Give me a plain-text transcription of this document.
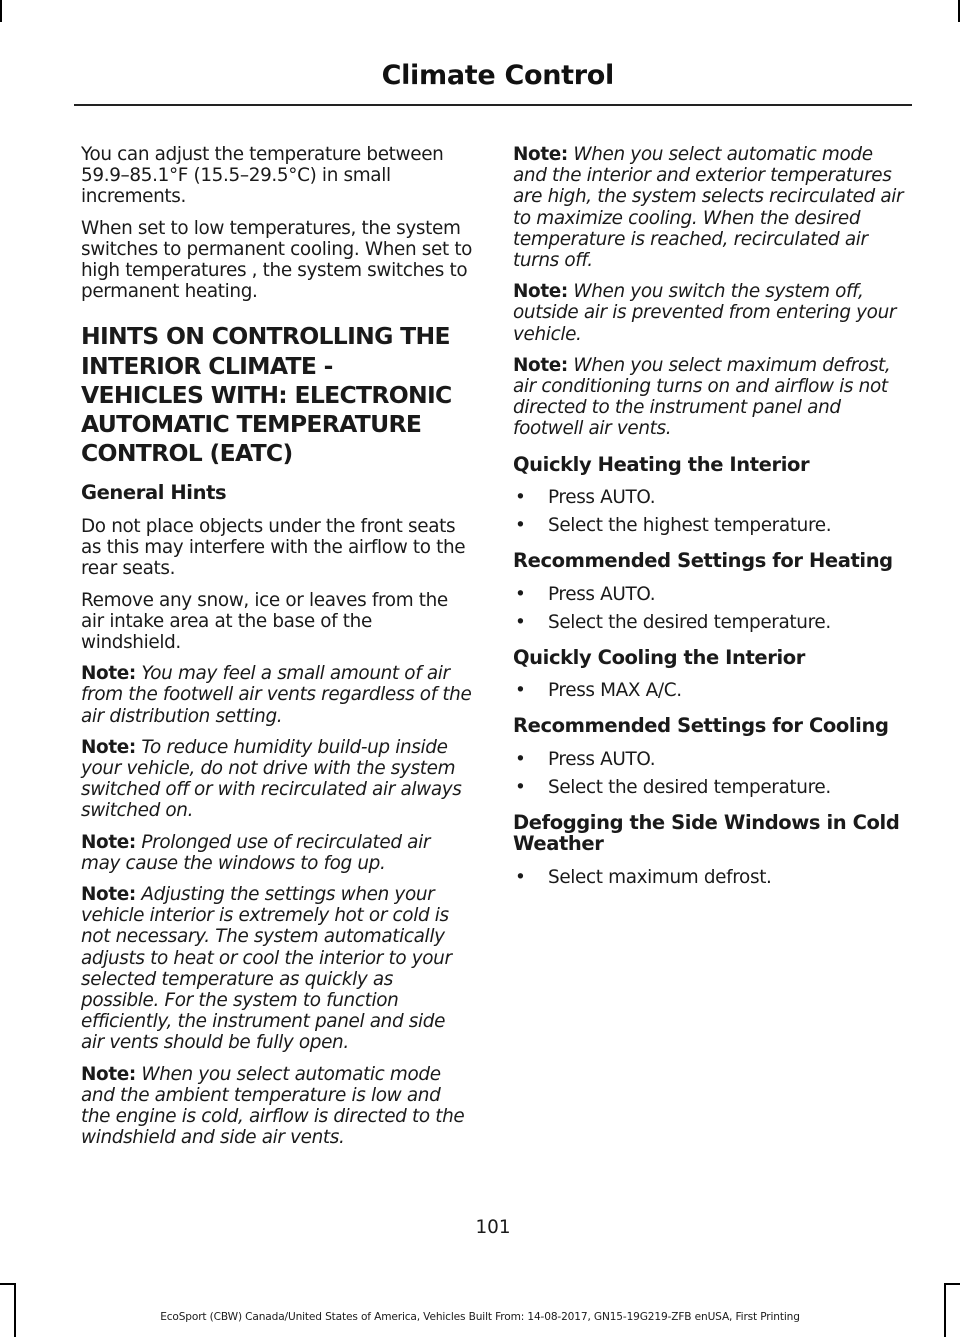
Climate Control

You can adjust the temperature between 59.9–85.1°F (15.5–29.5°C) in small increments.

When set to low temperatures, the system switches to permanent cooling. When set to high temperatures , the system switches to permanent heating.

HINTS ON CONTROLLING THE
INTERIOR CLIMATE -
VEHICLES WITH: ELECTRONIC
AUTOMATIC TEMPERATURE
CONTROL (EATC)
General Hints

Do not place objects under the front seats as this may interfere with the airflow to the rear seats.

Remove any snow, ice or leaves from the air intake area at the base of the windshield.

Note: You may feel a small amount of air from the footwell air vents regardless of the air distribution setting.

Note: To reduce humidity build-up inside your vehicle, do not drive with the system switched off or with recirculated air always switched on.

Note: Prolonged use of recirculated air may cause the windows to fog up.

Note: Adjusting the settings when your vehicle interior is extremely hot or cold is not necessary. The system automatically adjusts to heat or cool the interior to your selected temperature as quickly as possible. For the system to function efficiently, the instrument panel and side air vents should be fully open.

Note: When you select automatic mode and the ambient temperature is low and the engine is cold, airflow is directed to the windshield and side air vents.

Note: When you select automatic mode and the interior and exterior temperatures are high, the system selects recirculated air to maximize cooling. When the desired temperature is reached, recirculated air turns off.

Note: When you switch the system off, outside air is prevented from entering your vehicle.

Note: When you select maximum defrost, air conditioning turns on and airflow is not directed to the instrument panel and footwell air vents.

Quickly Heating the Interior
• Press AUTO.
• Select the highest temperature.
Recommended Settings for Heating
• Press AUTO.
• Select the desired temperature.
Quickly Cooling the Interior
• Press MAX A/C.
Recommended Settings for Cooling
• Press AUTO.
• Select the desired temperature.
Defogging the Side Windows in Cold Weather
• Select maximum defrost.
101
EcoSport (CBW) Canada/United States of America, Vehicles Built From: 14-08-2017, GN15-19G219-ZFB enUSA, First Printing
